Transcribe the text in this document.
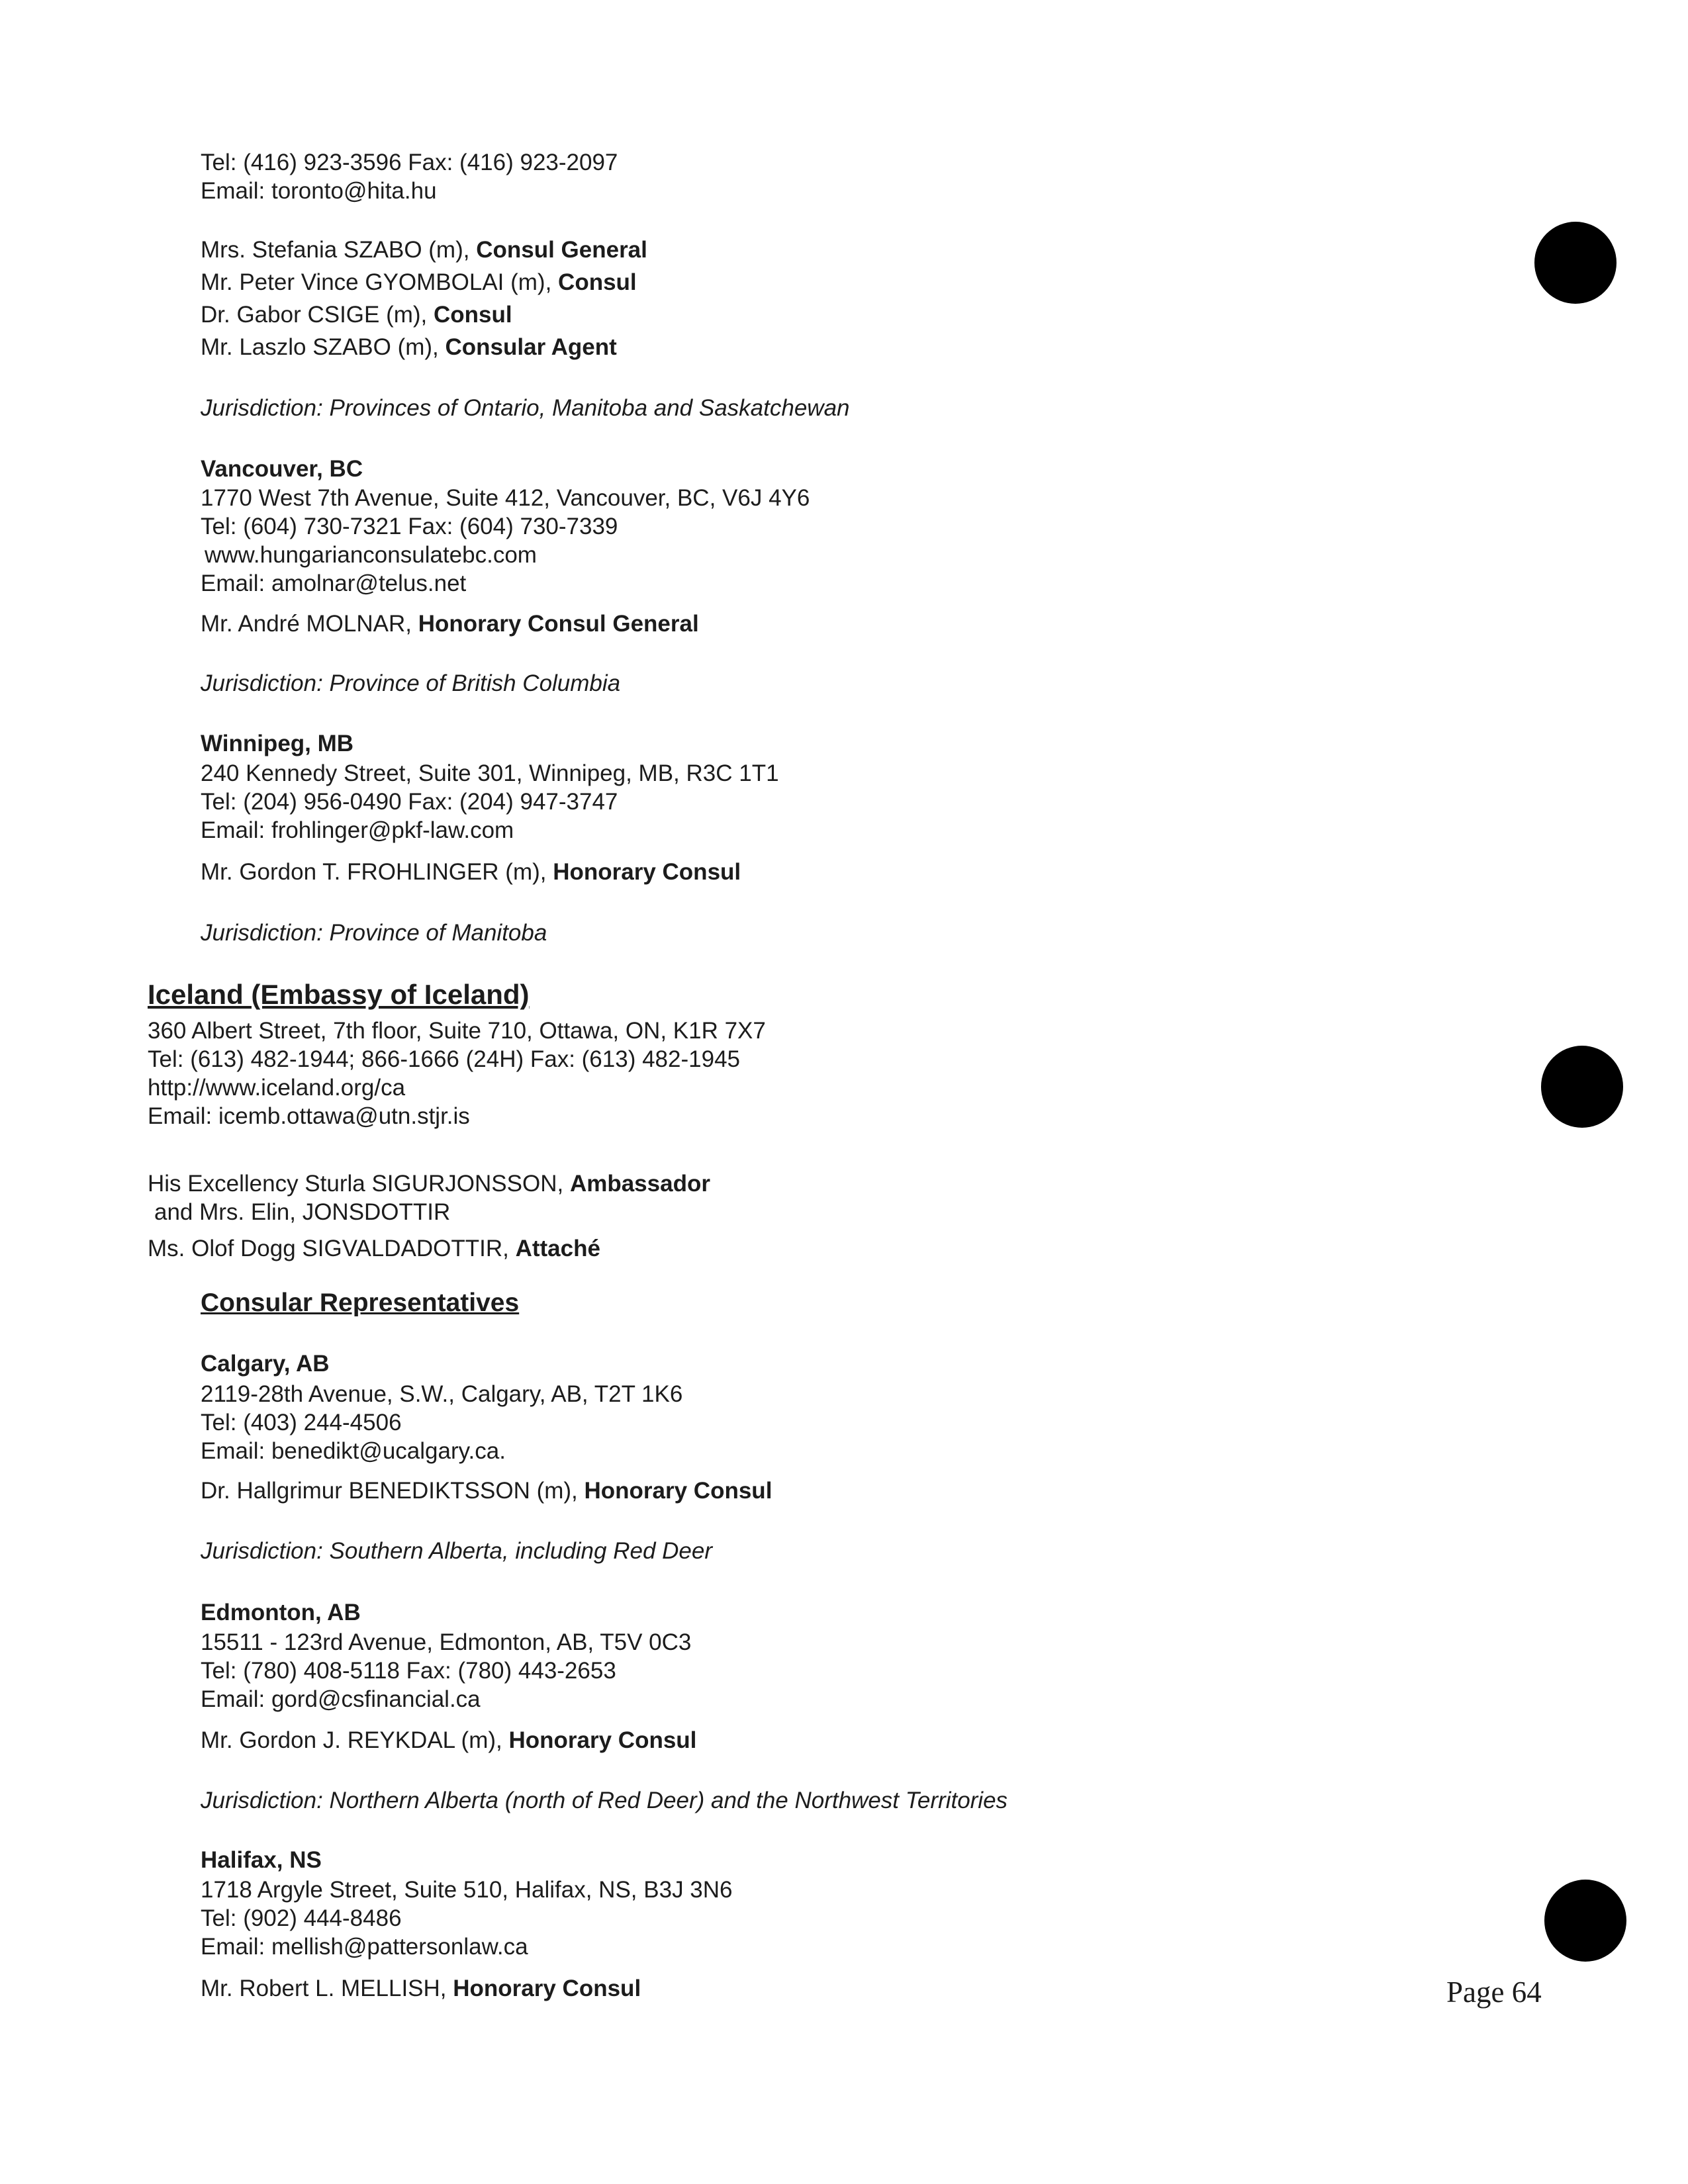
Tel: (416) 923-3596 Fax: (416) 923-2097
Email: toronto@hita.hu
Mrs. Stefania SZABO (m), Consul General
Mr. Peter Vince GYOMBOLAI (m), Consul
Dr. Gabor CSIGE (m), Consul
Mr. Laszlo SZABO (m), Consular Agent
Jurisdiction: Provinces of Ontario, Manitoba and Saskatchewan
Vancouver, BC
1770 West 7th Avenue, Suite 412, Vancouver, BC, V6J 4Y6
Tel: (604) 730-7321 Fax: (604) 730-7339
www.hungarianconsulatebc.com
Email: amolnar@telus.net
Mr. André MOLNAR, Honorary Consul General
Jurisdiction: Province of British Columbia
Winnipeg, MB
240 Kennedy Street, Suite 301, Winnipeg, MB, R3C 1T1
Tel: (204) 956-0490 Fax: (204) 947-3747
Email: frohlinger@pkf-law.com
Mr. Gordon T. FROHLINGER (m), Honorary Consul
Jurisdiction: Province of Manitoba
Iceland (Embassy of Iceland)
360 Albert Street, 7th floor, Suite 710, Ottawa, ON, K1R 7X7
Tel: (613) 482-1944; 866-1666 (24H) Fax: (613) 482-1945
http://www.iceland.org/ca
Email: icemb.ottawa@utn.stjr.is
His Excellency Sturla SIGURJONSSON, Ambassador
and Mrs. Elin, JONSDOTTIR
Ms. Olof Dogg SIGVALDADOTTIR, Attaché
Consular Representatives
Calgary, AB
2119-28th Avenue, S.W., Calgary, AB, T2T 1K6
Tel: (403) 244-4506
Email: benedikt@ucalgary.ca.
Dr. Hallgrimur BENEDIKTSSON (m), Honorary Consul
Jurisdiction: Southern Alberta, including Red Deer
Edmonton, AB
15511 - 123rd Avenue, Edmonton, AB, T5V 0C3
Tel: (780) 408-5118 Fax: (780) 443-2653
Email: gord@csfinancial.ca
Mr. Gordon J. REYKDAL (m), Honorary Consul
Jurisdiction: Northern Alberta (north of Red Deer) and the Northwest Territories
Halifax, NS
1718 Argyle Street, Suite 510, Halifax, NS, B3J 3N6
Tel: (902) 444-8486
Email: mellish@pattersonlaw.ca
Mr. Robert L. MELLISH, Honorary Consul	Page 64
